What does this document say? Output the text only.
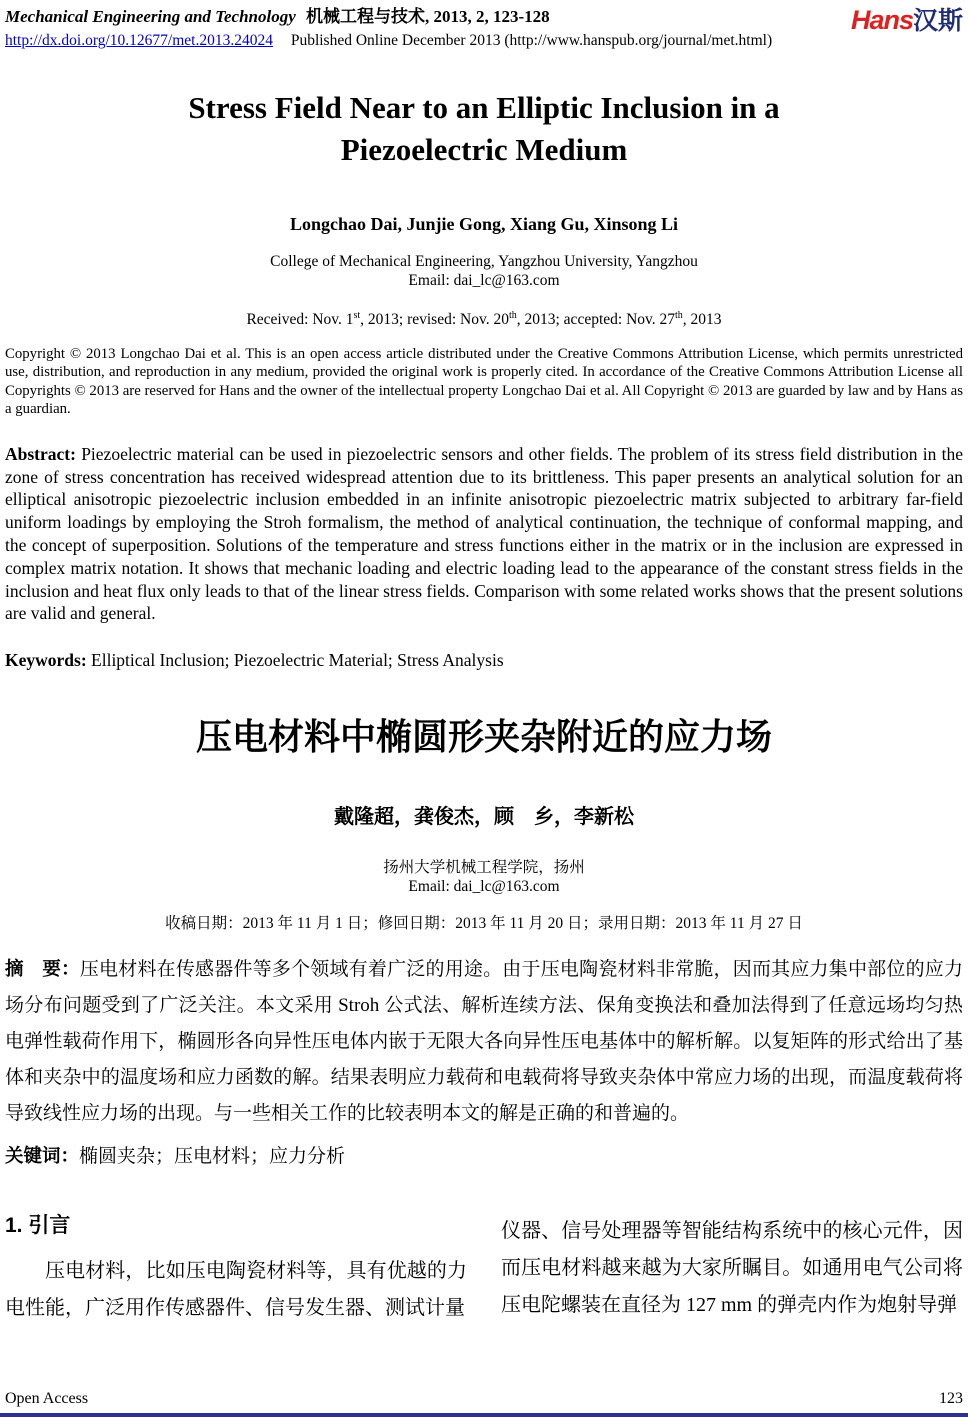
Mechanical Engineering and Technology 机械工程与技术, 2013, 2, 123-128
http://dx.doi.org/10.12677/met.2013.24024 Published Online December 2013 (http://www.hanspub.org/journal/met.html)
Hans汉斯
Stress Field Near to an Elliptic Inclusion in a Piezoelectric Medium
Longchao Dai, Junjie Gong, Xiang Gu, Xinsong Li
College of Mechanical Engineering, Yangzhou University, Yangzhou
Email: dai_lc@163.com
Received: Nov. 1st, 2013; revised: Nov. 20th, 2013; accepted: Nov. 27th, 2013
Copyright © 2013 Longchao Dai et al. This is an open access article distributed under the Creative Commons Attribution License, which permits unrestricted use, distribution, and reproduction in any medium, provided the original work is properly cited. In accordance of the Creative Commons Attribution License all Copyrights © 2013 are reserved for Hans and the owner of the intellectual property Longchao Dai et al. All Copyright © 2013 are guarded by law and by Hans as a guardian.
Abstract: Piezoelectric material can be used in piezoelectric sensors and other fields. The problem of its stress field distribution in the zone of stress concentration has received widespread attention due to its brittleness. This paper presents an analytical solution for an elliptical anisotropic piezoelectric inclusion embedded in an infinite anisotropic piezoelectric matrix subjected to arbitrary far-field uniform loadings by employing the Stroh formalism, the method of analytical continuation, the technique of conformal mapping, and the concept of superposition. Solutions of the temperature and stress functions either in the matrix or in the inclusion are expressed in complex matrix notation. It shows that mechanic loading and electric loading lead to the appearance of the constant stress fields in the inclusion and heat flux only leads to that of the linear stress fields. Comparison with some related works shows that the present solutions are valid and general.
Keywords: Elliptical Inclusion; Piezoelectric Material; Stress Analysis
压电材料中椭圆形夹杂附近的应力场
戴隆超，龚俊杰，顾　乡，李新松
扬州大学机械工程学院，扬州
Email: dai_lc@163.com
收稿日期：2013 年 11 月 1 日；修回日期：2013 年 11 月 20 日；录用日期：2013 年 11 月 27 日
摘　要：压电材料在传感器件等多个领域有着广泛的用途。由于压电陶瓷材料非常脆，因而其应力集中部位的应力场分布问题受到了广泛关注。本文采用 Stroh 公式法、解析连续方法、保角变换法和叠加法得到了任意远场均匀热电弹性载荷作用下，椭圆形各向异性压电体内嵌于无限大各向异性压电基体中的解析解。以复矩阵的形式给出了基体和夹杂中的温度场和应力函数的解。结果表明应力载荷和电载荷将导致夹杂体中常应力场的出现，而温度载荷将导致线性应力场的出现。与一些相关工作的比较表明本文的解是正确的和普遍的。
关键词：椭圆夹杂；压电材料；应力分析
1. 引言

压电材料，比如压电陶瓷材料等，具有优越的力电性能，广泛用作传感器件、信号发生器、测试计量

仪器、信号处理器等智能结构系统中的核心元件，因而压电材料越来越为大家所瞩目。如通用电气公司将压电陀螺装在直径为 127 mm 的弹壳内作为炮射导弹

Open Access	123
